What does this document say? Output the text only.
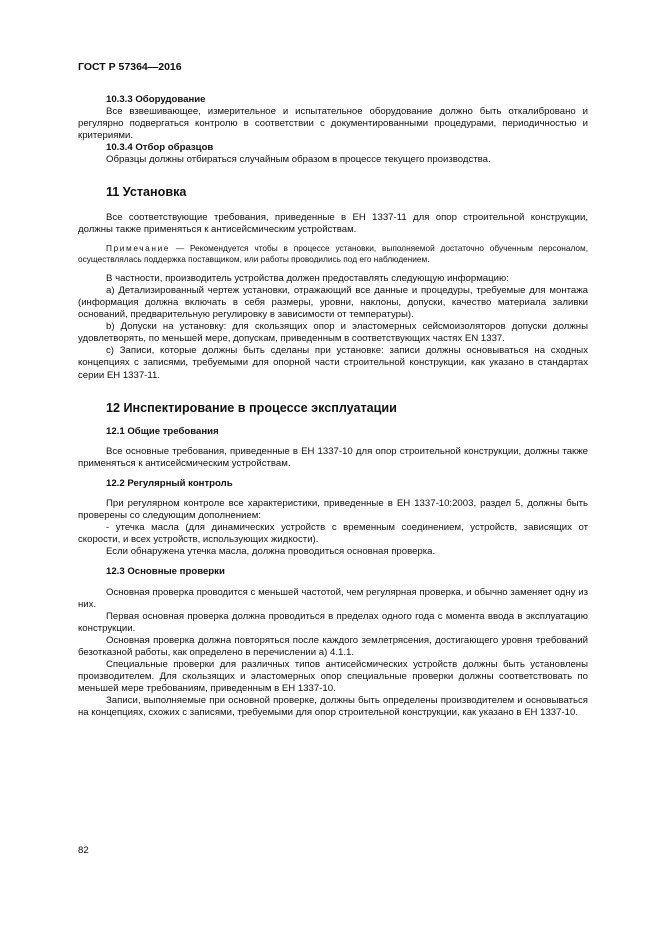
ГОСТ Р 57364—2016

10.3.3 Оборудование

Все взвешивающее, измерительное и испытательное оборудование должно быть откалибровано и регулярно подвергаться контролю в соответствии с документированными процедурами, периодичностью и критериями.

10.3.4 Отбор образцов

Образцы должны отбираться случайным образом в процессе текущего производства.

11 Установка

Все соответствующие требования, приведенные в ЕН 1337-11 для опор строительной конструкции, должны также применяться к антисейсмическим устройствам.

Примечание — Рекомендуется чтобы в процессе установки, выполняемой достаточно обученным персоналом, осуществлялась поддержка поставщиком, или работы проводились под его наблюдением.

В частности, производитель устройства должен предоставлять следующую информацию:

a) Детализированный чертеж установки, отражающий все данные и процедуры, требуемые для монтажа (информация должна включать в себя размеры, уровни, наклоны, допуски, качество материала заливки оснований, предварительную регулировку в зависимости от температуры).

b) Допуски на установку: для скользящих опор и эластомерных сейсмоизоляторов допуски должны удовлетворять, по меньшей мере, допускам, приведенным в соответствующих частях EN 1337.

c) Записи, которые должны быть сделаны при установке: записи должны основываться на сходных концепциях с записями, требуемыми для опорной части строительной конструкции, как указано в стандартах серии ЕН 1337-11.

12 Инспектирование в процессе эксплуатации

12.1 Общие требования

Все основные требования, приведенные в ЕН 1337-10 для опор строительной конструкции, должны также применяться к антисейсмическим устройствам.

12.2 Регулярный контроль

При регулярном контроле все характеристики, приведенные в ЕН 1337-10:2003, раздел 5, должны быть проверены со следующим дополнением:

- утечка масла (для динамических устройств с временным соединением, устройств, зависящих от скорости, и всех устройств, использующих жидкости).

Если обнаружена утечка масла, должна проводиться основная проверка.

12.3 Основные проверки

Основная проверка проводится с меньшей частотой, чем регулярная проверка, и обычно заменяет одну из них.

Первая основная проверка должна проводиться в пределах одного года с момента ввода в эксплуатацию конструкции.

Основная проверка должна повторяться после каждого землетрясения, достигающего уровня требований безотказной работы, как определено в перечислении а) 4.1.1.

Специальные проверки для различных типов антисейсмических устройств должны быть установлены производителем. Для скользящих и эластомерных опор специальные проверки должны соответствовать по меньшей мере требованиям, приведенным в ЕН 1337-10.

Записи, выполняемые при основной проверке, должны быть определены производителем и основываться на концепциях, схожих с записями, требуемыми для опор строительной конструкции, как указано в ЕН 1337-10.

82
